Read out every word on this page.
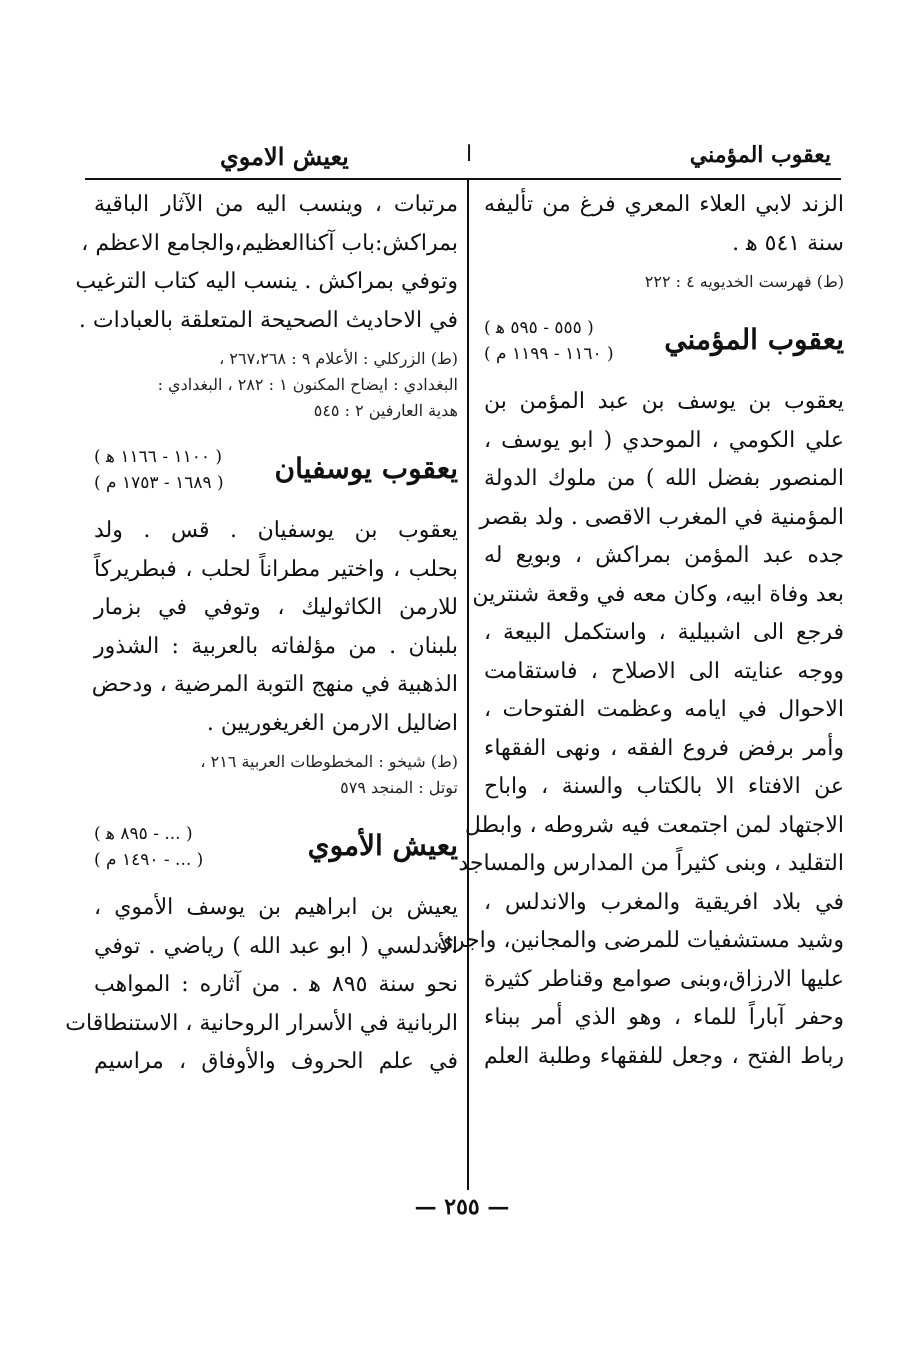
يعقوب المؤمني
ا
يعيش الاموي
الزند لابي العلاء المعري فرغ من تأليفه
سنة ٥٤١ ﻫ .
(ط) فهرست الخديويه ٤ : ٢٢٢
يعقوب المؤمني
( ٥٥٥ - ٥٩٥ ﻫ )
( ١١٦٠ - ١١٩٩ م )
يعقوب بن يوسف بن عبد المؤمن بن
علي الكومي ، الموحدي ( ابو يوسف ،
المنصور بفضل الله ) من ملوك الدولة
المؤمنية في المغرب الاقصى . ولد بقصر
جده عبد المؤمن بمراكش ، وبويع له
بعد وفاة ابيه، وكان معه في وقعة شنترين
فرجع الى اشبيلية ، واستكمل البيعة ،
ووجه عنايته الى الاصلاح ، فاستقامت
الاحوال في ايامه وعظمت الفتوحات ،
وأمر برفض فروع الفقه ، ونهى الفقهاء
عن الافتاء الا بالكتاب والسنة ، واباح
الاجتهاد لمن اجتمعت فيه شروطه ، وابطل
التقليد ، وبنى كثيراً من المدارس والمساجد
في بلاد افريقية والمغرب والاندلس ،
وشيد مستشفيات للمرضى والمجانين، واجرى
عليها الارزاق،وبنى صوامع وقناطر كثيرة
وحفر آباراً للماء ، وهو الذي أمر ببناء
رباط الفتح ، وجعل للفقهاء وطلبة العلم
مرتبات ، وينسب اليه من الآثار الباقية
بمراكش:باب آكناالعظيم،والجامع الاعظم ،
وتوفي بمراكش . ينسب اليه كتاب الترغيب
في الاحاديث الصحيحة المتعلقة بالعبادات .
(ط) الزركلي : الأعلام ٩ : ٢٦٧،٢٦٨ ،
البغدادي : ايضاح المكنون ١ : ٢٨٢ ، البغدادي :
هدية العارفين ٢ : ٥٤٥
يعقوب يوسفيان
( ١١٠٠ - ١١٦٦ ﻫ )
( ١٦٨٩ - ١٧٥٣ م )
يعقوب بن يوسفيان . قس . ولد
بحلب ، واختير مطراناً لحلب ، فبطريركاً
للارمن الكاثوليك ، وتوفي في بزمار
بلبنان . من مؤلفاته بالعربية : الشذور
الذهبية في منهج التوبة المرضية ، ودحض
اضاليل الارمن الغريغوريين .
(ط) شيخو : المخطوطات العربية ٢١٦ ،
توتل : المنجد ٥٧٩
يعيش الأموي
( ... - ٨٩٥ ﻫ )
( ... - ١٤٩٠ م )
يعيش بن ابراهيم بن يوسف الأموي ،
الأندلسي ( ابو عبد الله ) رياضي . توفي
نحو سنة ٨٩٥ ﻫ . من آثاره : المواهب
الربانية في الأسرار الروحانية ، الاستنطاقات
في علم الحروف والأوفاق ، مراسيم
— ٢٥٥ —
